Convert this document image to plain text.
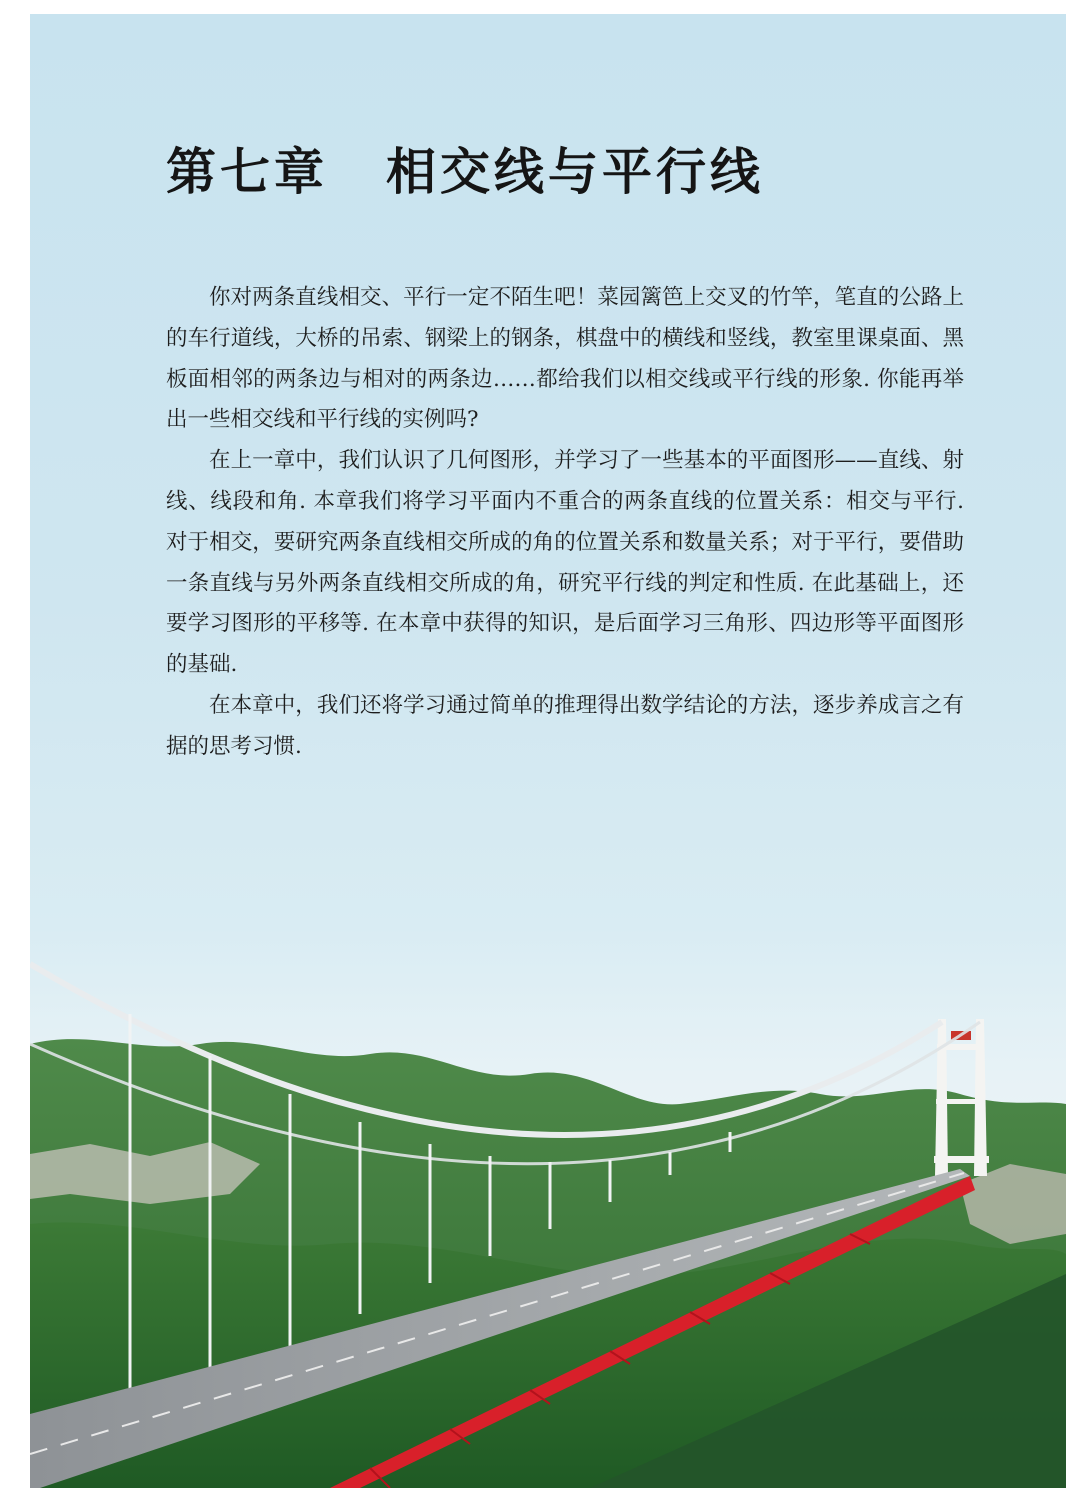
第七章 相交线与平行线

你对两条直线相交、平行一定不陌生吧！菜园篱笆上交叉的竹竿，笔直的公路上的车行道线，大桥的吊索、钢梁上的钢条，棋盘中的横线和竖线，教室里课桌面、黑板面相邻的两条边与相对的两条边……都给我们以相交线或平行线的形象. 你能再举出一些相交线和平行线的实例吗?

在上一章中，我们认识了几何图形，并学习了一些基本的平面图形——直线、射线、线段和角. 本章我们将学习平面内不重合的两条直线的位置关系：相交与平行. 对于相交，要研究两条直线相交所成的角的位置关系和数量关系；对于平行，要借助一条直线与另外两条直线相交所成的角，研究平行线的判定和性质. 在此基础上，还要学习图形的平移等. 在本章中获得的知识，是后面学习三角形、四边形等平面图形的基础.

在本章中，我们还将学习通过简单的推理得出数学结论的方法，逐步养成言之有据的思考习惯.
